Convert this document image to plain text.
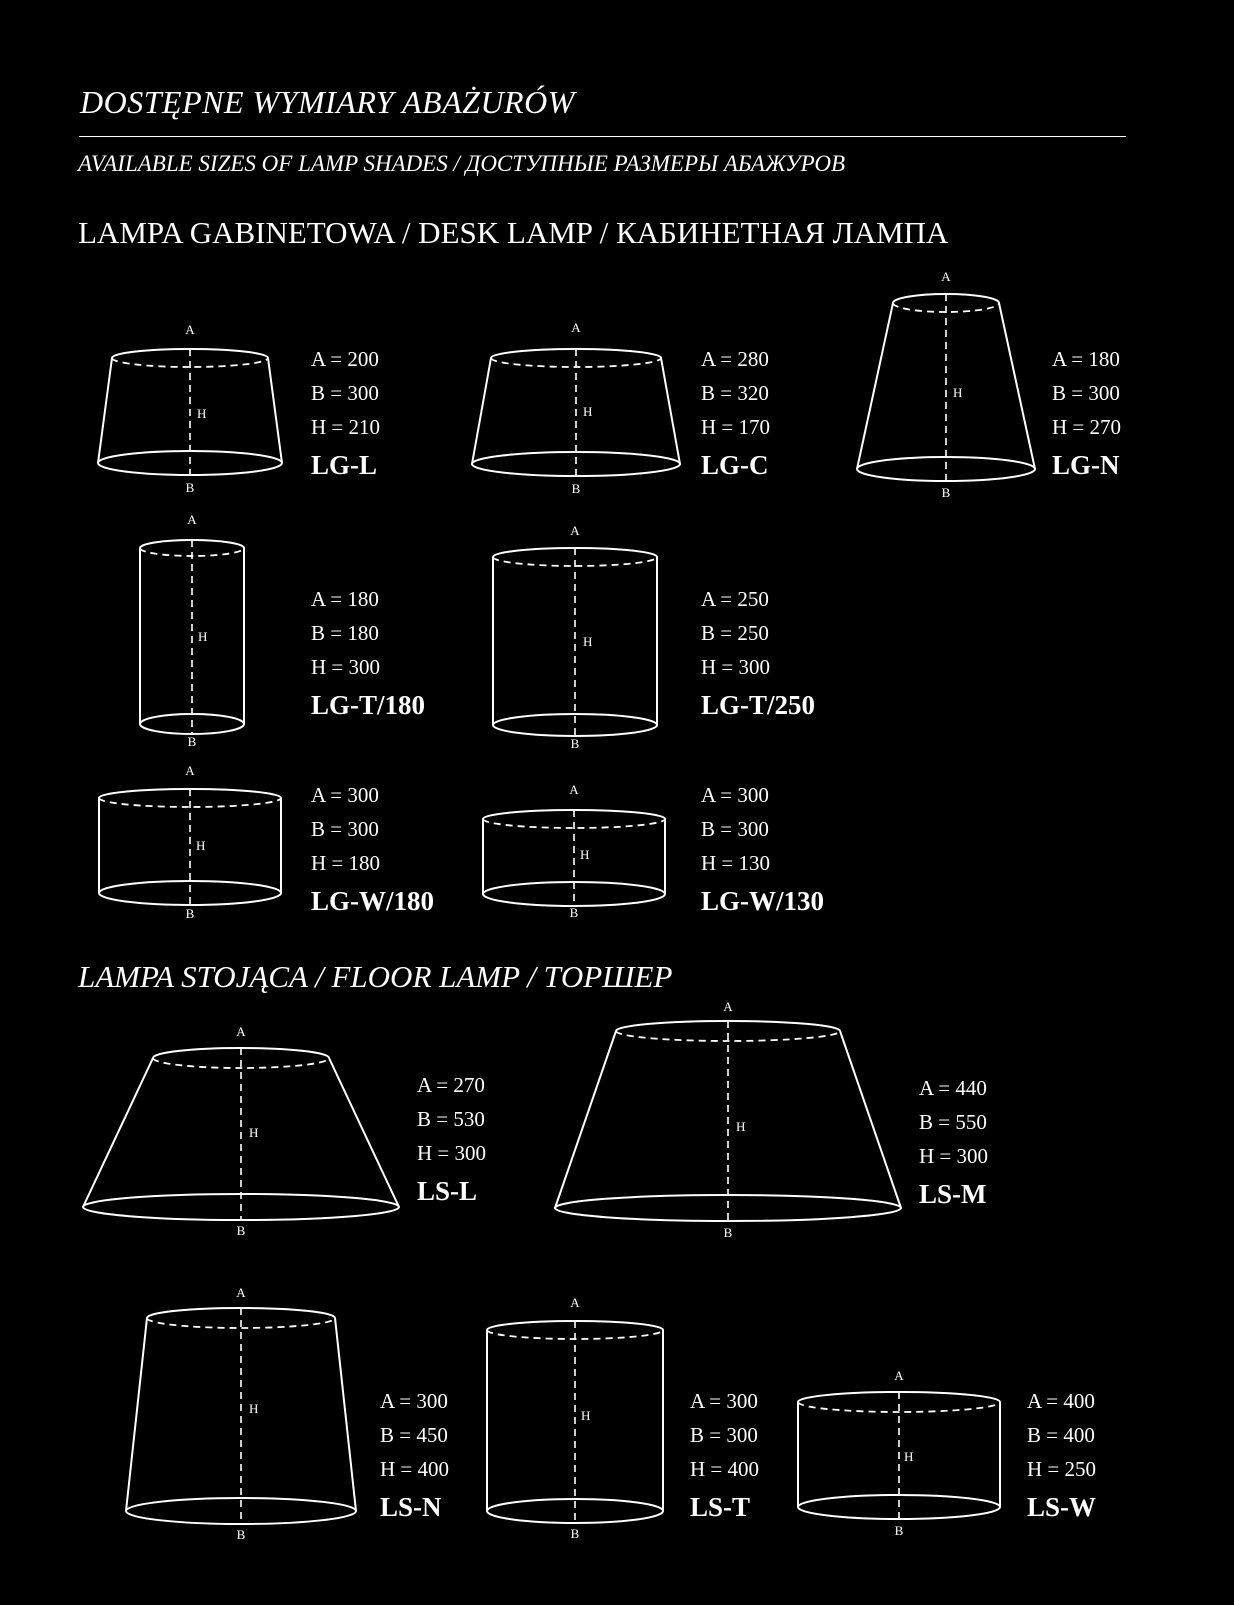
DOSTĘPNE WYMIARY ABAŻURÓW
AVAILABLE SIZES OF LAMP SHADES / ДОСТУПНЫЕ РАЗМЕРЫ АБАЖУРОВ
LAMPA GABINETOWA / DESK LAMP / КАБИНЕТНАЯ ЛАМПА
LAMPA STOJĄCA / FLOOR LAMP / ТОРШЕР
A
B
H
A
B
H
A
B
H
A
B
H
A
B
H
A
B
H
A
B
H
A
B
H
A
B
H
A
B
H
A
B
H
A
B
H
A = 200
B = 300
H = 210
LG-L
A = 280
B = 320
H = 170
LG-C
A = 180
B = 300
H = 270
LG-N
A = 180
B = 180
H = 300
LG-T/180
A = 250
B = 250
H = 300
LG-T/250
A = 300
B = 300
H = 180
LG-W/180
A = 300
B = 300
H = 130
LG-W/130
A = 270
B = 530
H = 300
LS-L
A = 440
B = 550
H = 300
LS-M
A = 300
B = 450
H = 400
LS-N
A = 300
B = 300
H = 400
LS-T
A = 400
B = 400
H = 250
LS-W
